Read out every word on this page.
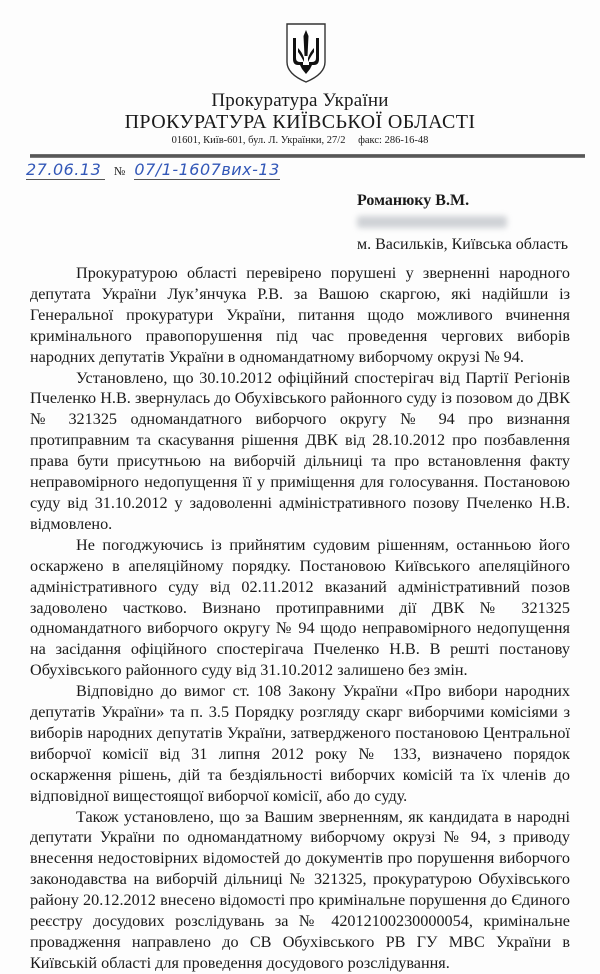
Прокуратура України
ПРОКУРАТУРА КИЇВСЬКОЇ ОБЛАСТІ
01601, Київ-601, бул. Л. Українки, 27/2 факс: 286-16-48
27.06.13 № 07/1-1607вих-13
Романюку В.М.
м. Васильків, Київська область

Прокуратурою області перевірено порушені у зверненні народного депутата України Лук’янчука Р.В. за Вашою скаргою, які надійшли із Генеральної прокуратури України, питання щодо можливого вчинення кримінального правопорушення під час проведення чергових виборів народних депутатів України в одномандатному виборчому окрузі № 94.

Установлено, що 30.10.2012 офіційний спостерігач від Партії Регіонів Пчеленко Н.В. звернулась до Обухівського районного суду із позовом до ДВК № 321325 одномандатного виборчого округу № 94 про визнання протиправним та скасування рішення ДВК від 28.10.2012 про позбавлення права бути присутньою на виборчій дільниці та про встановлення факту неправомірного недопущення її у приміщення для голосування. Постановою суду від 31.10.2012 у задоволенні адміністративного позову Пчеленко Н.В. відмовлено.

Не погоджуючись із прийнятим судовим рішенням, останньою його оскаржено в апеляційному порядку. Постановою Київського апеляційного адміністративного суду від 02.11.2012 вказаний адміністративний позов задоволено частково. Визнано протиправними дії ДВК № 321325 одномандатного виборчого округу № 94 щодо неправомірного недопущення на засідання офіційного спостерігача Пчеленко Н.В. В решті постанову Обухівського районного суду від 31.10.2012 залишено без змін.

Відповідно до вимог ст. 108 Закону України «Про вибори народних депутатів України» та п. 3.5 Порядку розгляду скарг виборчими комісіями з виборів народних депутатів України, затвердженого постановою Центральної виборчої комісії від 31 липня 2012 року № 133, визначено порядок оскарження рішень, дій та бездіяльності виборчих комісій та їх членів до відповідної вищестоящої виборчої комісії, або до суду.

Також установлено, що за Вашим зверненням, як кандидата в народні депутати України по одномандатному виборчому окрузі № 94, з приводу внесення недостовірних відомостей до документів про порушення виборчого законодавства на виборчій дільниці № 321325, прокуратурою Обухівського району 20.12.2012 внесено відомості про кримінальне порушення до Єдиного реєстру досудових розслідувань за № 42012100230000054, кримінальне провадження направлено до СВ Обухівського РВ ГУ МВС України в Київській області для проведення досудового розслідування.
